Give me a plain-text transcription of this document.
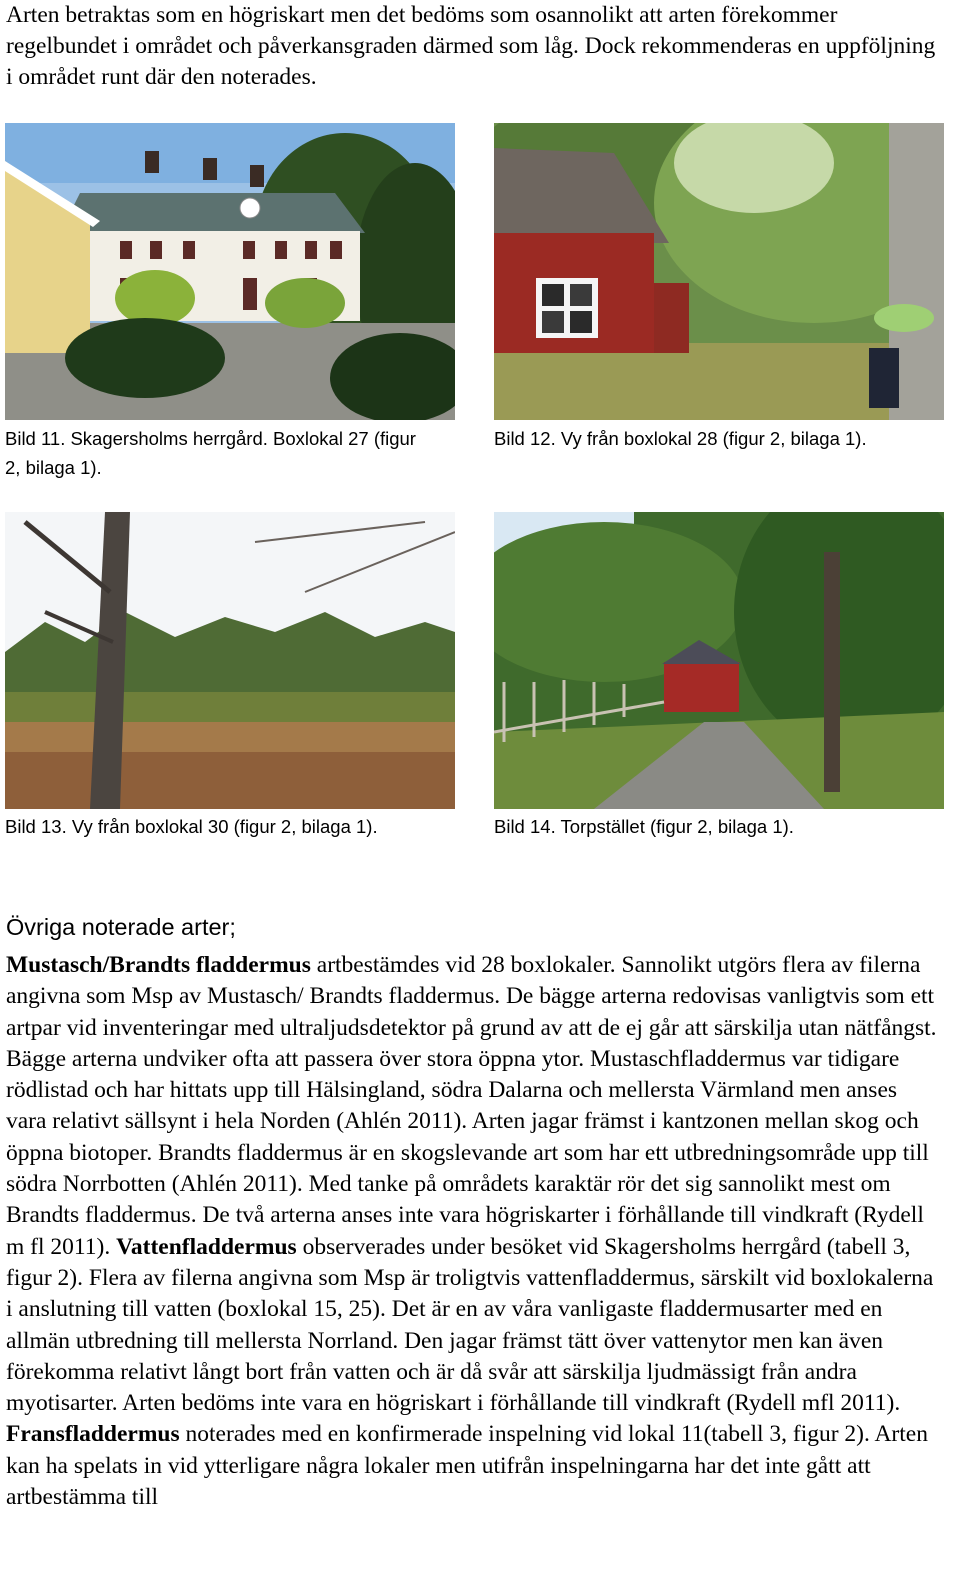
Arten betraktas som en högriskart men det bedöms som osannolikt att arten förekommer regelbundet i området och påverkansgraden därmed som låg. Dock rekommenderas en uppföljning i området runt där den noterades.

Bild 11. Skagersholms herrgård. Boxlokal 27 (figur 2, bilaga 1).

Bild 12. Vy från boxlokal 28 (figur 2, bilaga 1).

Bild 13. Vy från boxlokal 30 (figur 2, bilaga 1).	Bild 14. Torpstället (figur 2, bilaga 1).

Övriga noterade arter;

Mustasch/Brandts fladdermus artbestämdes vid 28 boxlokaler. Sannolikt utgörs flera av filerna angivna som Msp av Mustasch/ Brandts fladdermus. De bägge arterna redovisas vanligtvis som ett artpar vid inventeringar med ultraljudsdetektor på grund av att de ej går att särskilja utan nätfångst. Bägge arterna undviker ofta att passera över stora öppna ytor. Mustaschfladdermus var tidigare rödlistad och har hittats upp till Hälsingland, södra Dalarna och mellersta Värmland men anses vara relativt sällsynt i hela Norden (Ahlén 2011). Arten jagar främst i kantzonen mellan skog och öppna biotoper. Brandts fladdermus är en skogslevande art som har ett utbredningsområde upp till södra Norrbotten (Ahlén 2011). Med tanke på områdets karaktär rör det sig sannolikt mest om Brandts fladdermus. De två arterna anses inte vara högriskarter i förhållande till vindkraft (Rydell m fl 2011). Vattenfladdermus observerades under besöket vid Skagersholms herrgård (tabell 3, figur 2). Flera av filerna angivna som Msp är troligtvis vattenfladdermus, särskilt vid boxlokalerna i anslutning till vatten (boxlokal 15, 25). Det är en av våra vanligaste fladdermusarter med en allmän utbredning till mellersta Norrland. Den jagar främst tätt över vattenytor men kan även förekomma relativt långt bort från vatten och är då svår att särskilja ljudmässigt från andra myotisarter. Arten bedöms inte vara en högriskart i förhållande till vindkraft (Rydell mfl 2011). Fransfladdermus noterades med en konfirmerade inspelning vid lokal 11(tabell 3, figur 2). Arten kan ha spelats in vid ytterligare några lokaler men utifrån inspelningarna har det inte gått att artbestämma till
